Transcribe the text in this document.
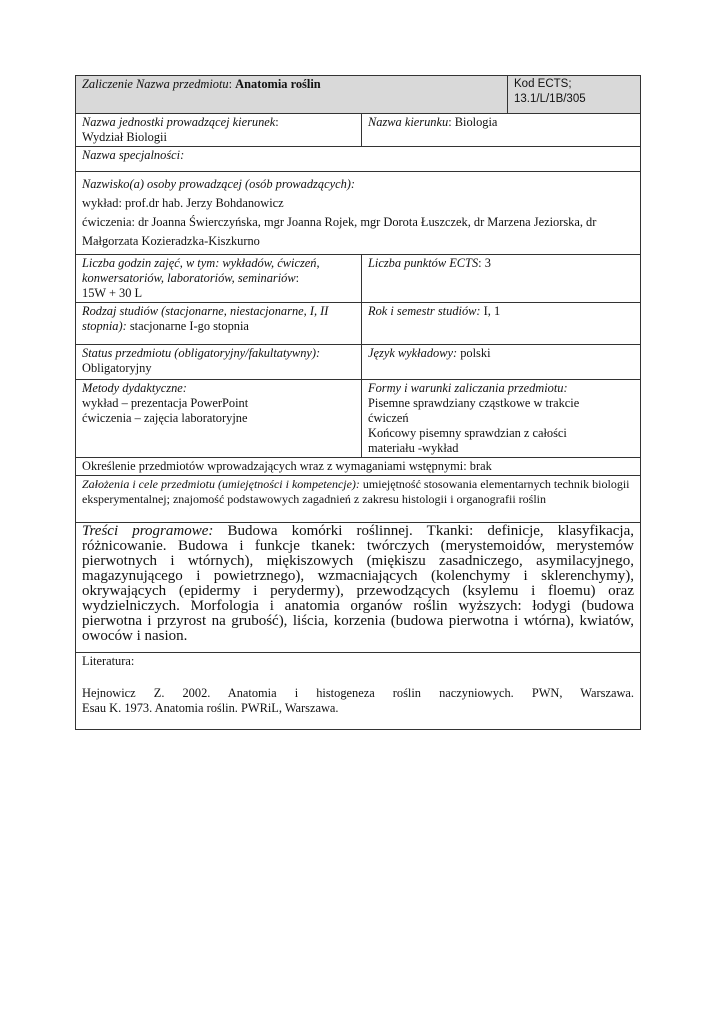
Zaliczenie Nazwa przedmiotu: Anatomia roślin		Kod ECTS;
13.1/L/1B/305

Nazwa jednostki prowadzącej kierunek:
Wydział Biologii	Nazwa kierunku: Biologia	
Nazwa specjalności:		

Nazwisko(a) osoby prowadzącej (osób prowadzących):
wykład: prof.dr hab. Jerzy Bohdanowicz
ćwiczenia: dr Joanna Świerczyńska, mgr Joanna Rojek, mgr Dorota Łuszczek, dr Marzena Jeziorska, dr
Małgorzata Kozieradzka-Kiszkurno		

Liczba godzin zajęć, w tym: wykładów, ćwiczeń, konwersatoriów, laboratoriów, seminariów:
15W + 30 L	Liczba punktów ECTS: 3	
Rodzaj studiów (stacjonarne, niestacjonarne, I, II stopnia): stacjonarne I-go stopnia	Rok i semestr studiów: I, 1	

Status przedmiotu (obligatoryjny/fakultatywny):
Obligatoryjny	Język wykładowy: polski	

Metody dydaktyczne:
wykład – prezentacja PowerPoint
ćwiczenia – zajęcia laboratoryjne	Formy i warunki zaliczania przedmiotu:
Pisemne sprawdziany cząstkowe w trakcie
ćwiczeń
Końcowy pisemny sprawdzian z całości
materiału -wykład	

Określenie przedmiotów wprowadzających wraz z wymaganiami wstępnymi: brak		
Założenia i cele przedmiotu (umiejętności i kompetencje): umiejętność stosowania elementarnych technik biologii eksperymentalnej; znajomość podstawowych zagadnień z zakresu histologii i organografii roślin		
Treści programowe: Budowa komórki roślinnej. Tkanki: definicje, klasyfikacja, różnicowanie. Budowa i funkcje tkanek: twórczych (merystemoidów, merystemów pierwotnych i wtórnych), miękiszowych (miękiszu zasadniczego, asymilacyjnego, magazynującego i powietrznego), wzmacniających (kolenchymy i sklerenchymy), okrywających (epidermy i perydermy), przewodzących (ksylemu i floemu) oraz wydzielniczych. Morfologia i anatomia organów roślin wyższych: łodygi (budowa pierwotna i przyrost na grubość), liścia, korzenia (budowa pierwotna i wtórna), kwiatów, owoców i nasion.		

Literatura:
Hejnowicz Z. 2002. Anatomia i histogeneza roślin naczyniowych. PWN, Warszawa.
Esau K. 1973. Anatomia roślin. PWRiL, Warszawa.		
